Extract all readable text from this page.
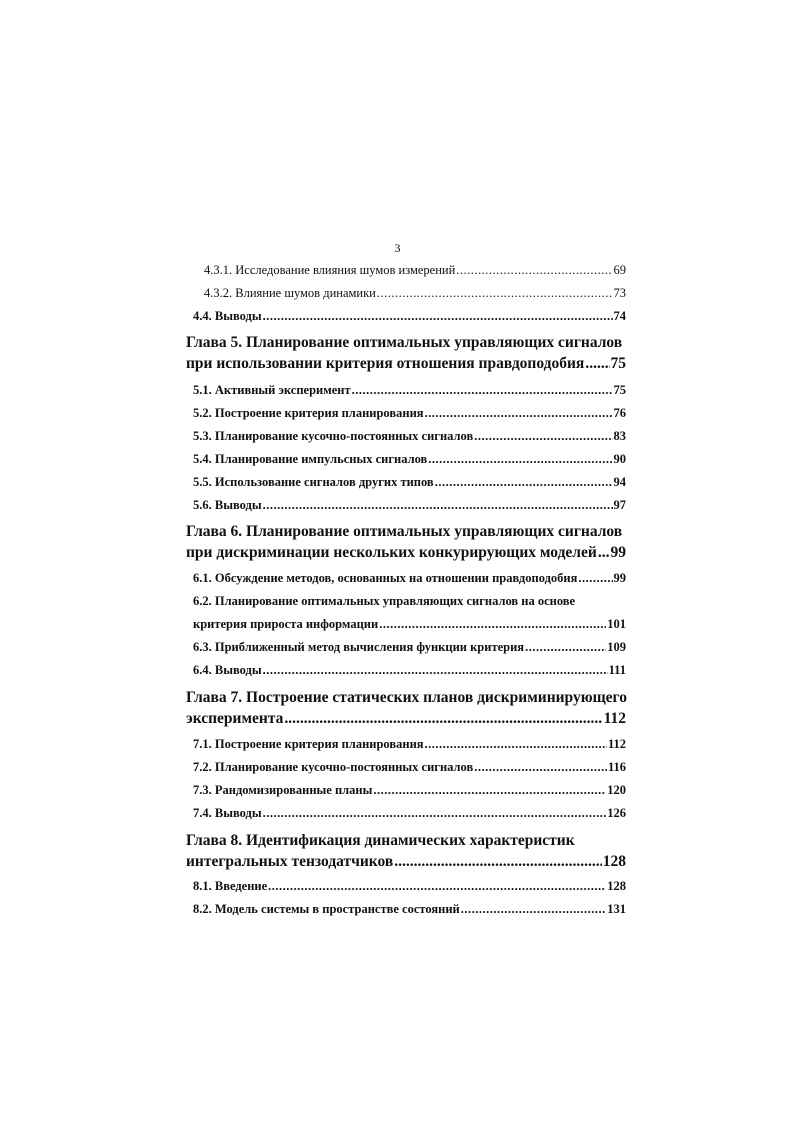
3
4.3.1. Исследование влияния шумов измерений .....	69
4.3.2. Влияние шумов динамики .....	73
4.4. Выводы .....	74
Глава 5. Планирование оптимальных управляющих сигналов
при использовании критерия отношения правдоподобия ..... 75
5.1. Активный эксперимент .....	75
5.2. Построение критерия планирования .....	76
5.3. Планирование кусочно-постоянных сигналов .....	83
5.4. Планирование импульсных сигналов .....	90
5.5. Использование сигналов других типов .....	94
5.6. Выводы .....	97
Глава 6. Планирование оптимальных управляющих сигналов
при дискриминации нескольких конкурирующих моделей ..... 99
6.1. Обсуждение методов, основанных на отношении правдоподобия .....	99
6.2. Планирование оптимальных управляющих сигналов на основе
критерия прироста информации .....	101
6.3. Приближенный метод вычисления функции критерия .....	109
6.4. Выводы .....	111
Глава 7. Построение статических планов дискриминирующего
эксперимента .....	112
7.1. Построение критерия планирования .....	112
7.2. Планирование кусочно-постоянных сигналов .....	116
7.3. Рандомизированные планы .....	120
7.4. Выводы .....	126
Глава 8. Идентификация динамических характеристик
интегральных тензодатчиков .....	128
8.1. Введение .....	128
8.2. Модель системы в пространстве состояний .....	131
